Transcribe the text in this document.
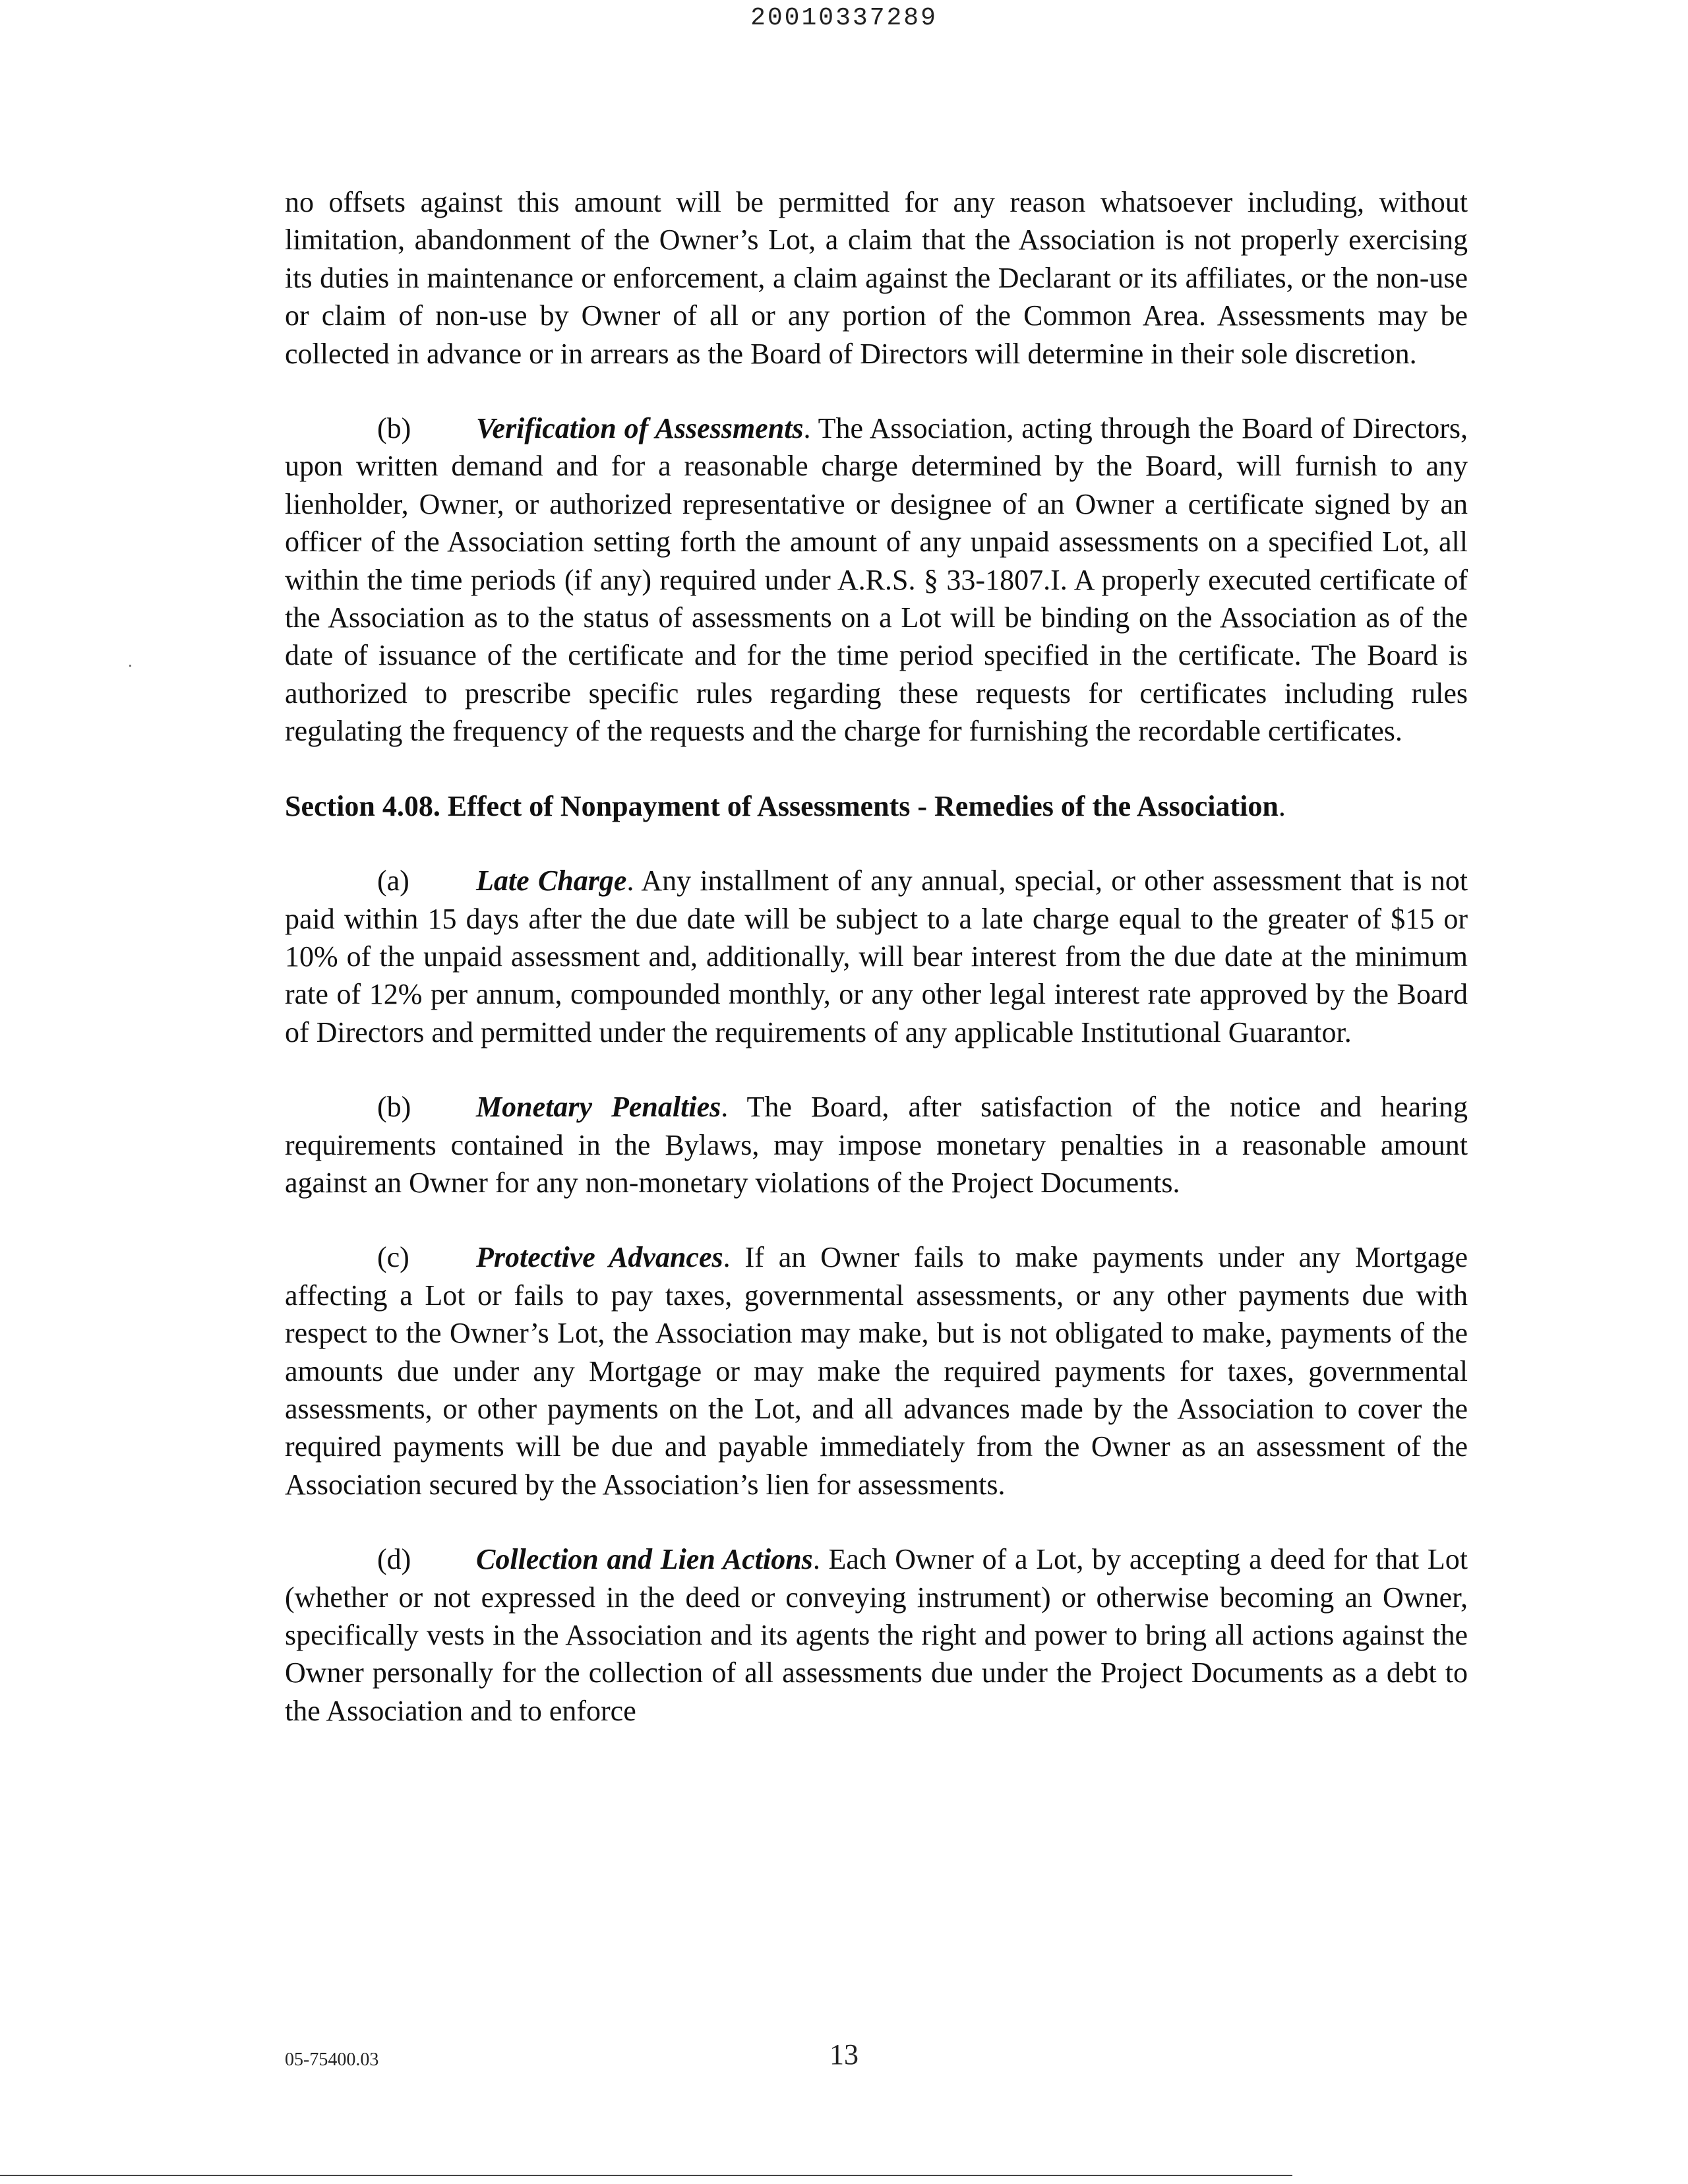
20010337289

no offsets against this amount will be permitted for any reason whatsoever including, without limitation, abandonment of the Owner’s Lot, a claim that the Association is not properly exercising its duties in maintenance or enforcement, a claim against the Declarant or its affiliates, or the non-use or claim of non-use by Owner of all or any portion of the Common Area. Assessments may be collected in advance or in arrears as the Board of Directors will determine in their sole discretion.

(b) Verification of Assessments. The Association, acting through the Board of Directors, upon written demand and for a reasonable charge determined by the Board, will furnish to any lienholder, Owner, or authorized representative or designee of an Owner a certificate signed by an officer of the Association setting forth the amount of any unpaid assessments on a specified Lot, all within the time periods (if any) required under A.R.S. § 33-1807.I. A properly executed certificate of the Association as to the status of assessments on a Lot will be binding on the Association as of the date of issuance of the certificate and for the time period specified in the certificate. The Board is authorized to prescribe specific rules regarding these requests for certificates including rules regulating the frequency of the requests and the charge for furnishing the recordable certificates.

Section 4.08. Effect of Nonpayment of Assessments - Remedies of the Association.

(a) Late Charge. Any installment of any annual, special, or other assessment that is not paid within 15 days after the due date will be subject to a late charge equal to the greater of $15 or 10% of the unpaid assessment and, additionally, will bear interest from the due date at the minimum rate of 12% per annum, compounded monthly, or any other legal interest rate approved by the Board of Directors and permitted under the requirements of any applicable Institutional Guarantor.

(b) Monetary Penalties. The Board, after satisfaction of the notice and hearing requirements contained in the Bylaws, may impose monetary penalties in a reasonable amount against an Owner for any non-monetary violations of the Project Documents.

(c) Protective Advances. If an Owner fails to make payments under any Mortgage affecting a Lot or fails to pay taxes, governmental assessments, or any other payments due with respect to the Owner’s Lot, the Association may make, but is not obligated to make, payments of the amounts due under any Mortgage or may make the required payments for taxes, governmental assessments, or other payments on the Lot, and all advances made by the Association to cover the required payments will be due and payable immediately from the Owner as an assessment of the Association secured by the Association’s lien for assessments.

(d) Collection and Lien Actions. Each Owner of a Lot, by accepting a deed for that Lot (whether or not expressed in the deed or conveying instrument) or otherwise becoming an Owner, specifically vests in the Association and its agents the right and power to bring all actions against the Owner personally for the collection of all assessments due under the Project Documents as a debt to the Association and to enforce

05-75400.03	13
